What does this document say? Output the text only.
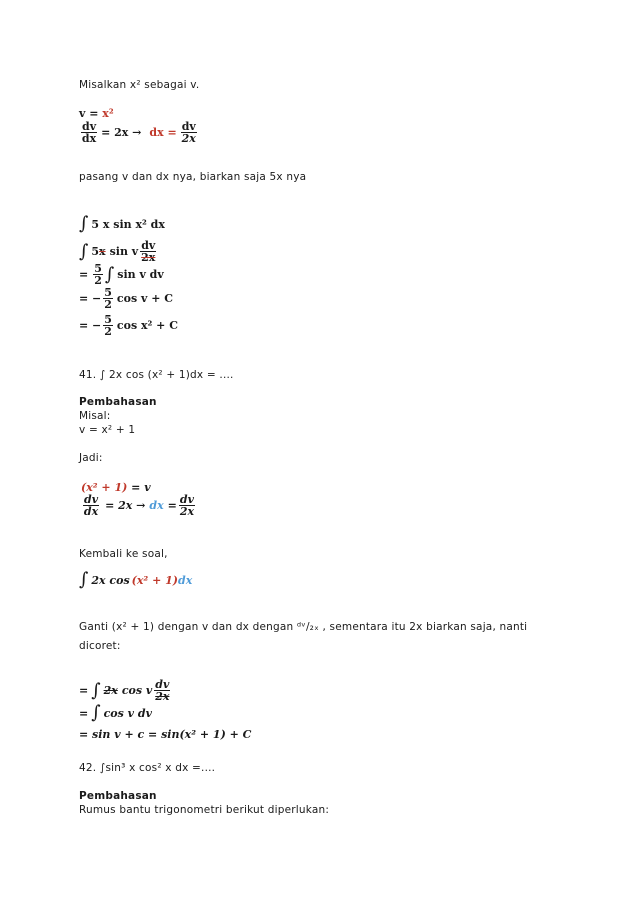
Misalkan x² sebagai v.
v = x²
$\frac{dv}{dx} = 2x$ → dx = $\frac{dv}{2x}$
pasang v dan dx nya, biarkan saja 5x nya
∫ 5 x sin x² dx
∫ 5 x sin v $\frac{dv}{2x}$
= $\frac{5}{2}$ ∫ sin v dv
= − $\frac{5}{2}$ cos v + C
= − $\frac{5}{2}$ cos x² + C
41. ∫ 2x cos (x² + 1)dx = ....
Pembahasan
Misal:
v = x² + 1
Jadi:
(x² + 1) = v
$\frac{dv}{dx} = 2x$ → dx = $\frac{dv}{2x}$
Kembali ke soal,
∫ 2x cos (x² + 1) dx
Ganti (x² + 1) dengan v dan dx dengan ᵈᵛ/₂ₓ , sementara itu 2x biarkan saja, nanti
dicoret:
= ∫ 2x cos v $\frac{dv}{2x}$
= ∫ cos v dv
= sin v + c = sin(x² + 1) + C
42. ∫sin³ x cos² x dx =....
Pembahasan
Rumus bantu trigonometri berikut diperlukan:
